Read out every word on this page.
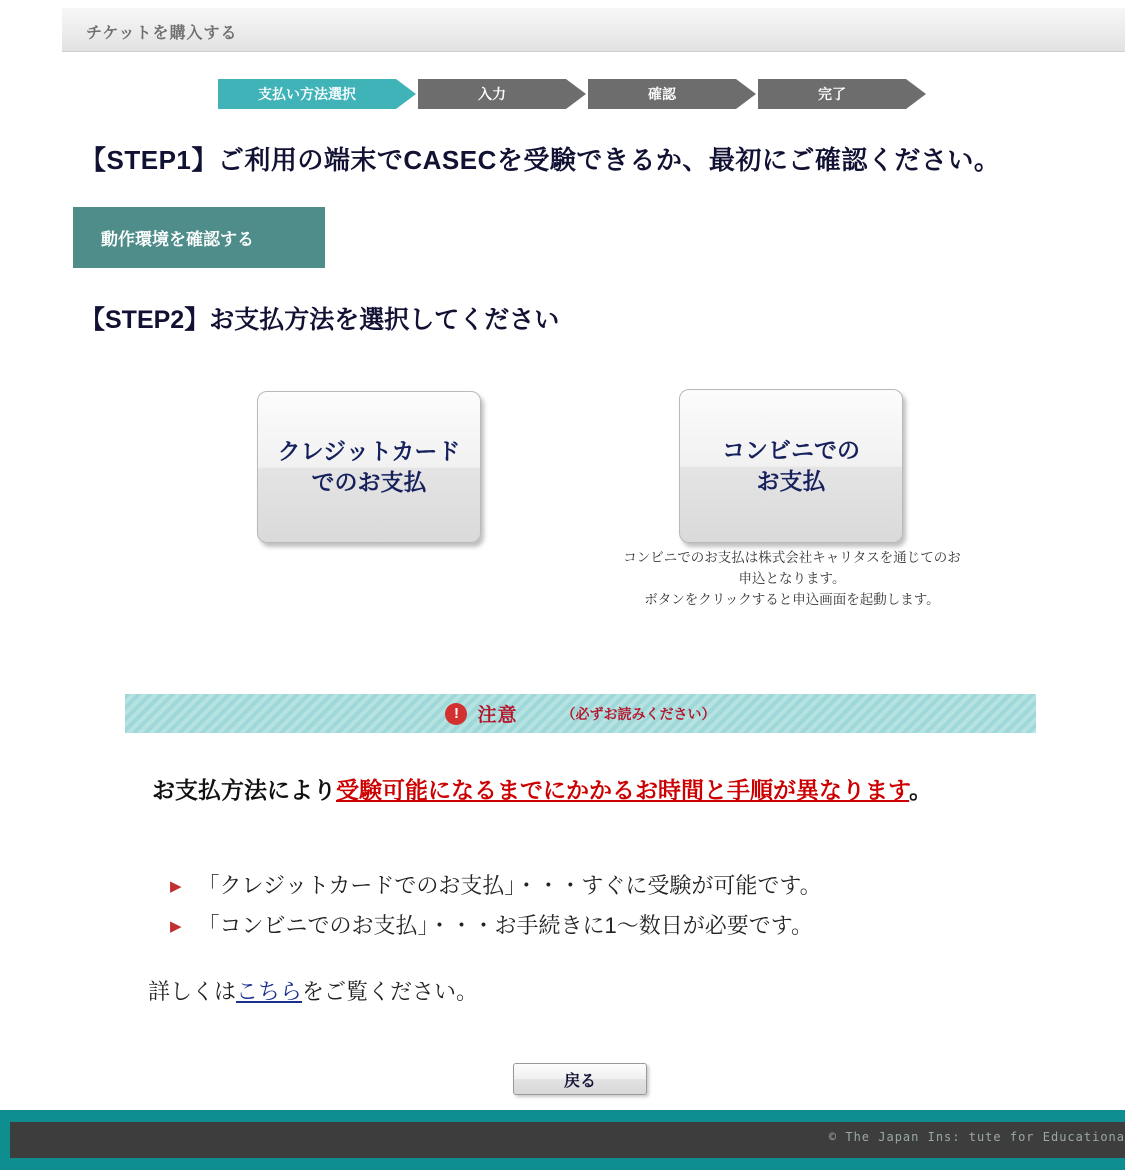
チケットを購入する
支払い方法選択	入力	確認	完了
【STEP1】ご利用の端末でCASECを受験できるか、最初にご確認ください。
動作環境を確認する
【STEP2】お支払方法を選択してください
クレジットカード
でのお支払
コンビニでの
お支払
コンビニでのお支払は株式会社キャリタスを通じてのお
申込となります。
ボタンをクリックすると申込画面を起動します。
! 注意	（必ずお読みください）
お支払方法により受験可能になるまでにかかるお時間と手順が異なります。
▶ 「クレジットカードでのお支払」・・・すぐに受験が可能です。
▶ 「コンビニでのお支払」・・・お手続きに1〜数日が必要です。
詳しくはこちらをご覧ください。
戻る
© The Japan Ins: tute for Educationa
